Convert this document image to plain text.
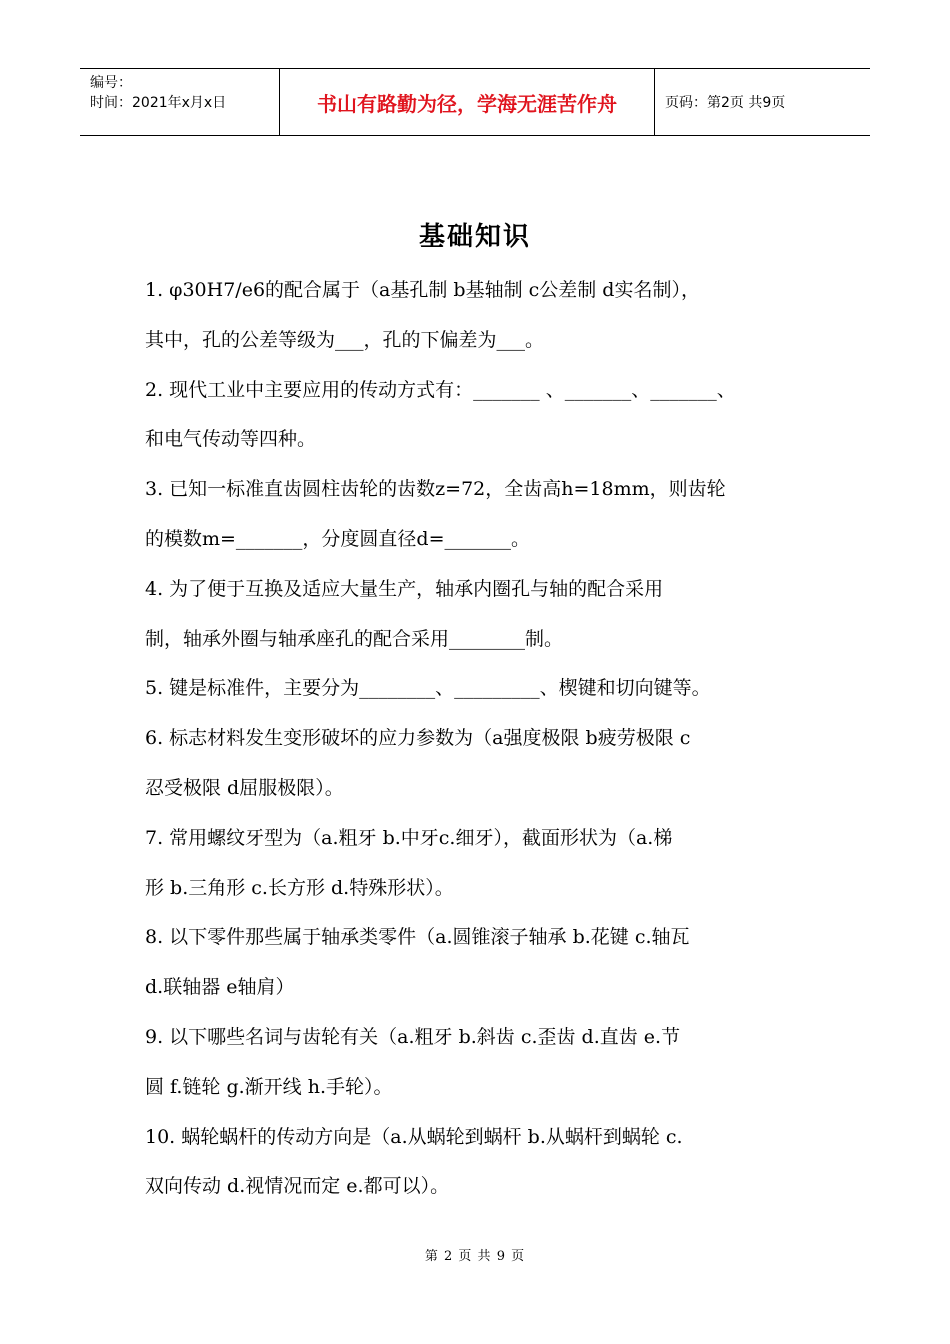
编号：
时间：2021年x月x日	书山有路勤为径，学海无涯苦作舟	页码：第2页 共9页
基础知识
1. φ30H7/e6的配合属于（a基孔制 b基轴制 c公差制 d实名制），
其中，孔的公差等级为___，孔的下偏差为___。
2. 现代工业中主要应用的传动方式有：_______ 、_______、_______、
和电气传动等四种。
3. 已知一标准直齿圆柱齿轮的齿数z=72，全齿高h=18mm，则齿轮
的模数m=_______，分度圆直径d=_______。
4. 为了便于互换及适应大量生产，轴承内圈孔与轴的配合采用
制，轴承外圈与轴承座孔的配合采用________制。
5. 键是标准件，主要分为________、_________、楔键和切向键等。
6. 标志材料发生变形破坏的应力参数为（a强度极限 b疲劳极限 c
忍受极限 d屈服极限）。
7. 常用螺纹牙型为（a.粗牙 b.中牙c.细牙），截面形状为（a.梯
形 b.三角形 c.长方形 d.特殊形状）。
8. 以下零件那些属于轴承类零件（a.圆锥滚子轴承 b.花键 c.轴瓦
d.联轴器 e轴肩）
9. 以下哪些名词与齿轮有关（a.粗牙 b.斜齿 c.歪齿 d.直齿 e.节
圆 f.链轮 g.渐开线 h.手轮）。
10. 蜗轮蜗杆的传动方向是（a.从蜗轮到蜗杆 b.从蜗杆到蜗轮 c.
双向传动 d.视情况而定 e.都可以）。
第 2 页 共 9 页
